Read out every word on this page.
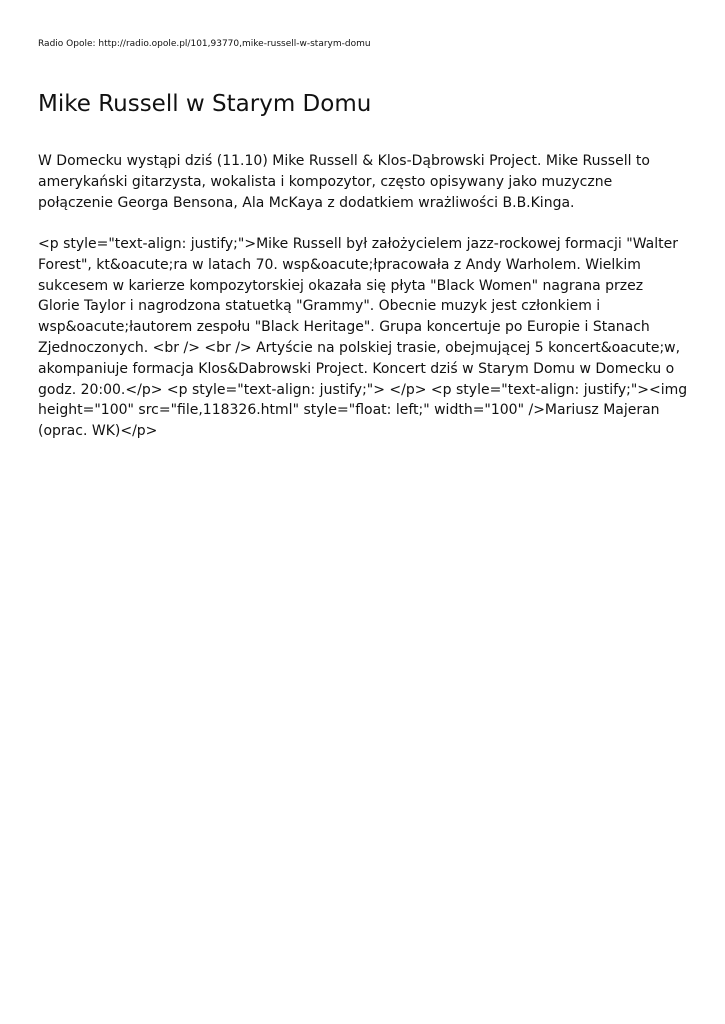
Radio Opole: http://radio.opole.pl/101,93770,mike-russell-w-starym-domu
Mike Russell w Starym Domu

W Domecku wystąpi dziś (11.10) Mike Russell & Klos-Dąbrowski Project. Mike Russell to amerykański gitarzysta, wokalista i kompozytor, często opisywany jako muzyczne połączenie Georga Bensona, Ala McKaya z dodatkiem wrażliwości B.B.Kinga.

<p style="text-align: justify;">Mike Russell był założycielem jazz-rockowej formacji "Walter Forest", kt&oacute;ra w latach 70. wsp&oacute;łpracowała z Andy Warholem. Wielkim sukcesem w karierze kompozytorskiej okazała się płyta "Black Women" nagrana przez Glorie Taylor i nagrodzona statuetką "Grammy". Obecnie muzyk jest członkiem i wsp&oacute;łautorem zespołu "Black Heritage". Grupa koncertuje po Europie i Stanach Zjednoczonych. <br /> <br /> Artyście na polskiej trasie, obejmującej 5 koncert&oacute;w, akompaniuje formacja Klos&Dabrowski Project. Koncert dziś w Starym Domu w Domecku o godz. 20:00.</p> <p style="text-align: justify;"> </p> <p style="text-align: justify;"><img height="100" src="file,118326.html" style="float: left;" width="100" />Mariusz Majeran (oprac. WK)</p>
